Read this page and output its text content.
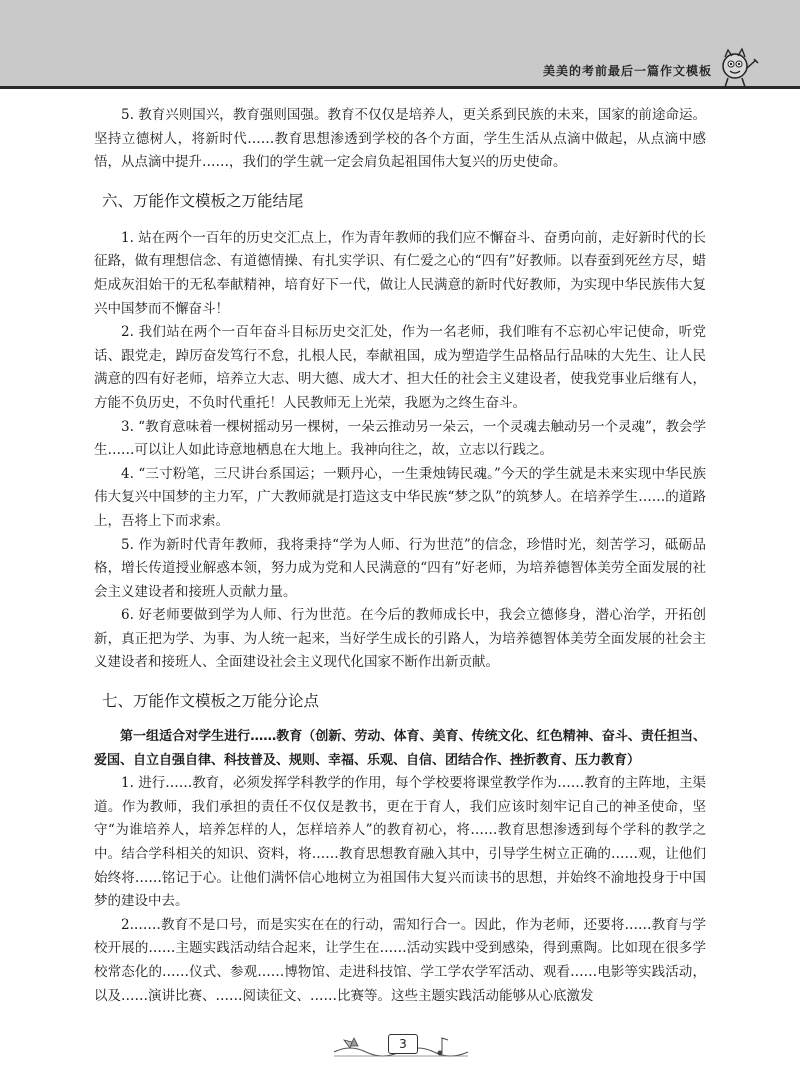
美美的考前最后一篇作文模板

5. 教育兴则国兴，教育强则国强。教育不仅仅是培养人，更关系到民族的未来，国家的前途命运。坚持立德树人，将新时代……教育思想渗透到学校的各个方面，学生生活从点滴中做起，从点滴中感悟，从点滴中提升……，我们的学生就一定会肩负起祖国伟大复兴的历史使命。

六、万能作文模板之万能结尾

1. 站在两个一百年的历史交汇点上，作为青年教师的我们应不懈奋斗、奋勇向前，走好新时代的长征路，做有理想信念、有道德情操、有扎实学识、有仁爱之心的“四有”好教师。以春蚕到死丝方尽，蜡炬成灰泪始干的无私奉献精神，培育好下一代，做让人民满意的新时代好教师，为实现中华民族伟大复兴中国梦而不懈奋斗！

2. 我们站在两个一百年奋斗目标历史交汇处，作为一名老师，我们唯有不忘初心牢记使命，听党话、跟党走，踔厉奋发笃行不怠，扎根人民，奉献祖国，成为塑造学生品格品行品味的大先生、让人民满意的四有好老师，培养立大志、明大德、成大才、担大任的社会主义建设者，使我党事业后继有人，方能不负历史，不负时代重托！人民教师无上光荣，我愿为之终生奋斗。

3. “教育意味着一棵树摇动另一棵树，一朵云推动另一朵云，一个灵魂去触动另一个灵魂”，教会学生……可以让人如此诗意地栖息在大地上。我神向往之，故，立志以行践之。

4. “三寸粉笔，三尺讲台系国运；一颗丹心，一生秉烛铸民魂。”今天的学生就是未来实现中华民族伟大复兴中国梦的主力军，广大教师就是打造这支中华民族“梦之队”的筑梦人。在培养学生……的道路上，吾将上下而求索。

5. 作为新时代青年教师，我将秉持“学为人师、行为世范”的信念，珍惜时光，刻苦学习，砥砺品格，增长传道授业解惑本领，努力成为党和人民满意的“四有”好老师，为培养德智体美劳全面发展的社会主义建设者和接班人贡献力量。

6. 好老师要做到学为人师、行为世范。在今后的教师成长中，我会立德修身，潜心治学，开拓创新，真正把为学、为事、为人统一起来，当好学生成长的引路人，为培养德智体美劳全面发展的社会主义建设者和接班人、全面建设社会主义现代化国家不断作出新贡献。

七、万能作文模板之万能分论点

第一组适合对学生进行……教育（创新、劳动、体育、美育、传统文化、红色精神、奋斗、责任担当、爱国、自立自强自律、科技普及、规则、幸福、乐观、自信、团结合作、挫折教育、压力教育）

1. 进行……教育，必须发挥学科教学的作用，每个学校要将课堂教学作为……教育的主阵地，主渠道。作为教师，我们承担的责任不仅仅是教书，更在于育人，我们应该时刻牢记自己的神圣使命，坚守“为谁培养人，培养怎样的人，怎样培养人”的教育初心，将……教育思想渗透到每个学科的教学之中。结合学科相关的知识、资料，将……教育思想教育融入其中，引导学生树立正确的……观，让他们始终将……铭记于心。让他们满怀信心地树立为祖国伟大复兴而读书的思想，并始终不渝地投身于中国梦的建设中去。

2.……教育不是口号，而是实实在在的行动，需知行合一。因此，作为老师，还要将……教育与学校开展的……主题实践活动结合起来，让学生在……活动实践中受到感染，得到熏陶。比如现在很多学校常态化的……仪式、参观……博物馆、走进科技馆、学工学农学军活动、观看……电影等实践活动，以及……演讲比赛、……阅读征文、……比赛等。这些主题实践活动能够从心底激发

3
